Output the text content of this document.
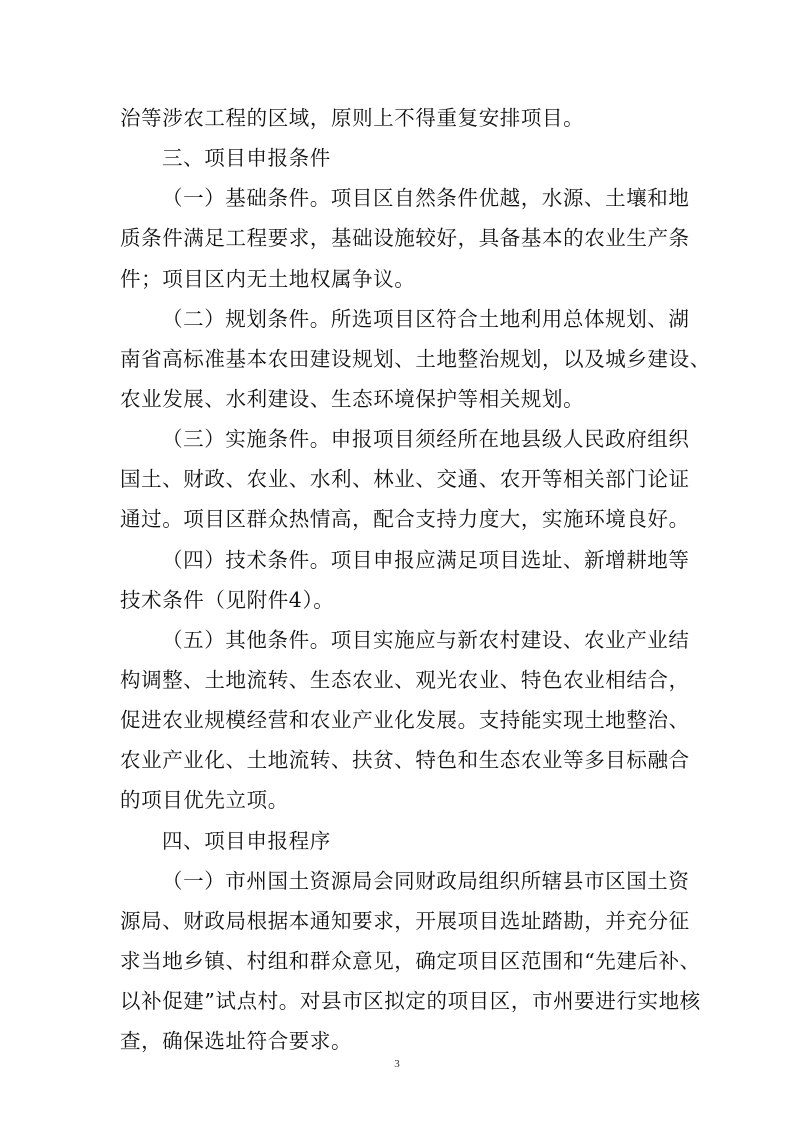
治等涉农工程的区域，原则上不得重复安排项目。
三、项目申报条件
（一）基础条件。项目区自然条件优越，水源、土壤和地
质条件满足工程要求，基础设施较好，具备基本的农业生产条
件；项目区内无土地权属争议。
（二）规划条件。所选项目区符合土地利用总体规划、湖
南省高标准基本农田建设规划、土地整治规划，以及城乡建设、
农业发展、水利建设、生态环境保护等相关规划。
（三）实施条件。申报项目须经所在地县级人民政府组织
国土、财政、农业、水利、林业、交通、农开等相关部门论证
通过。项目区群众热情高，配合支持力度大，实施环境良好。
（四）技术条件。项目申报应满足项目选址、新增耕地等
技术条件（见附件4）。
（五）其他条件。项目实施应与新农村建设、农业产业结
构调整、土地流转、生态农业、观光农业、特色农业相结合，
促进农业规模经营和农业产业化发展。支持能实现土地整治、
农业产业化、土地流转、扶贫、特色和生态农业等多目标融合
的项目优先立项。
四、项目申报程序
（一）市州国土资源局会同财政局组织所辖县市区国土资
源局、财政局根据本通知要求，开展项目选址踏勘，并充分征
求当地乡镇、村组和群众意见，确定项目区范围和“先建后补、
3
以补促建”试点村。对县市区拟定的项目区，市州要进行实地核
查，确保选址符合要求。
